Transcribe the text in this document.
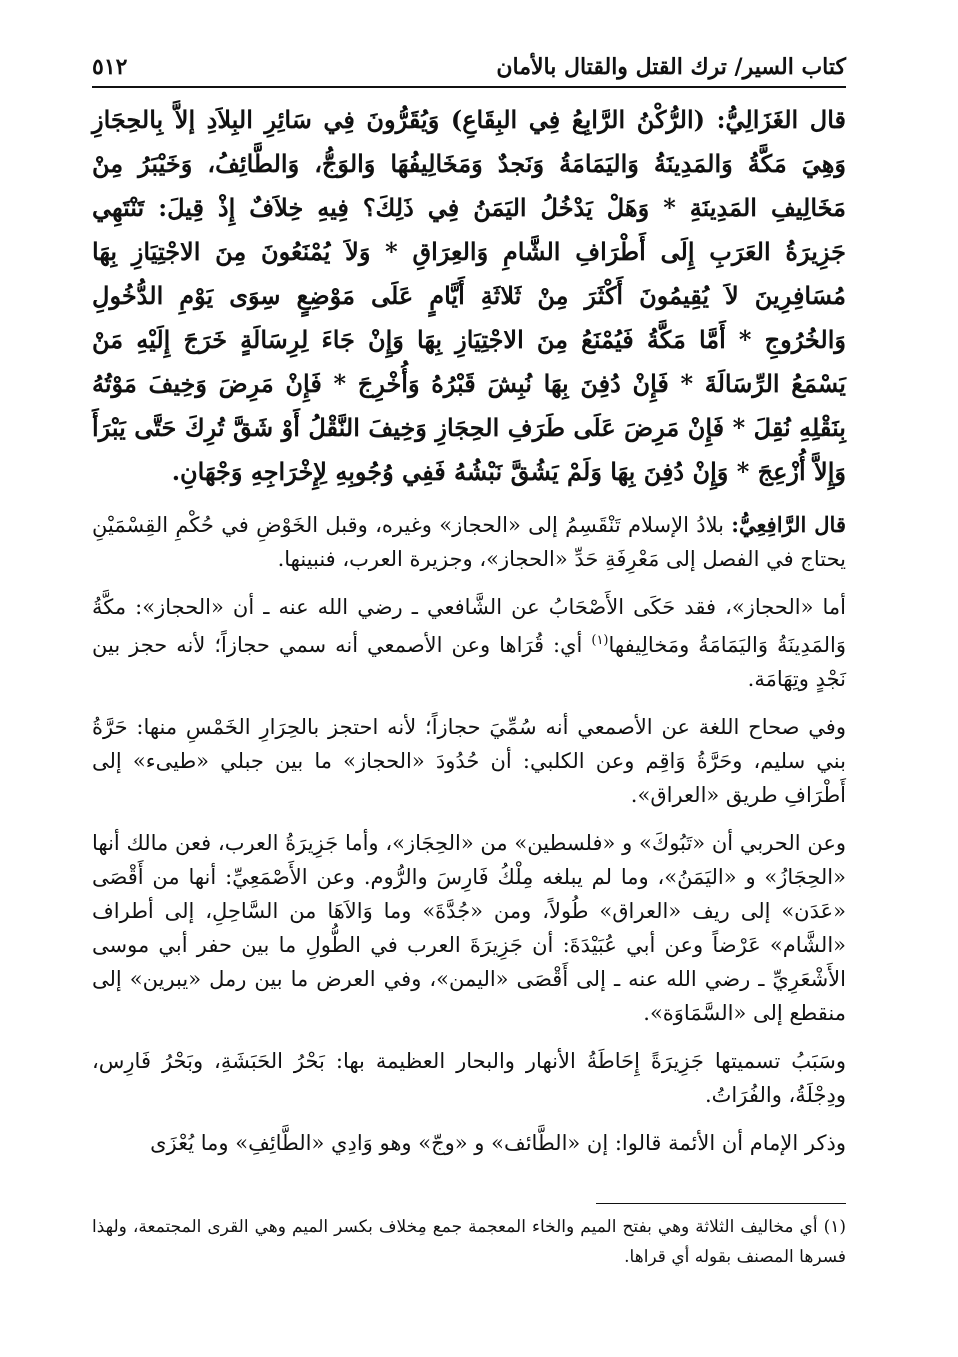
كتاب السير/ ترك القتل والقتال بالأمان
٥١٢

قال الغَزَالِيُّ: (الرُّكْنُ الرَّابِعُ فِي البِقَاعِ) وَيُقَرُّونَ فِي سَائِرِ البِلاَدِ إلاَّ بِالحِجَازِ وَهِيَ مَكَّةُ وَالمَدِينَةُ وَاليَمَامَةُ وَنَجدٌ وَمَخَالِيفُهَا وَالوَجُّ، وَالطَّائِفُ، وَخَيْبَرُ مِنْ مَخَالِيفِ المَدِينَةِ * وَهَلْ يَدْخُلُ اليَمَنُ فِي ذَلِكَ؟ فِيهِ خِلاَفٌ إِذْ قِيلَ: تَنْتَهِي جَزِيرَةُ العَرَبِ إِلَى أَطْرَافِ الشَّامِ وَالعِرَاقِ * وَلاَ يُمْنَعُونَ مِنَ الاجْتِيَازِ بِهَا مُسَافِرِينَ لاَ يُقِيمُونَ أَكْثَرَ مِنْ ثَلاثَةِ أَيَّامٍ عَلَى مَوْضِعٍ سِوَى يَوْمِ الدُّخُولِ وَالخُرُوجِ * أَمَّا مَكَّةُ فَيُمْنَعُ مِنَ الاجْتِيَازِ بِهَا وَإِنْ جَاءَ لِرِسَالَةٍ خَرَجَ إِلَيْهِ مَنْ يَسْمَعُ الرِّسَالَةَ * فَإِنْ دُفِنَ بِهَا نُبِشَ قَبْرُهُ وَأُخْرِجَ * فَإِنْ مَرِضَ وَخِيفَ مَوْتُهُ بِنَقْلِهِ نُقِلَ * فَإِنْ مَرِضَ عَلَى طَرَفِ الحِجَازِ وَخِيفَ النَّقْلُ أَوْ شَقَّ تُرِكَ حَتَّى يَبْرَأَ وَإِلاَّ أُزْعِجَ * وَإِنْ دُفِنَ بِهَا وَلَمْ يَشُقَّ نَبْشُهُ فَفِي وُجُوبِهِ لِإِخْرَاجِهِ وَجْهَانِ.

قال الرَّافِعِيُّ: بلادُ الإسلام تَنْقَسِمُ إلى «الحجاز» وغيره، وقبل الخَوْضِ في حُكْمِ القِسْمَيْنِ يحتاج في الفصل إلى مَعْرِفَةِ حَدِّ «الحجاز»، وجزيرة العرب، فنبينها.

أما «الحجاز»، فقد حَكَى الأَصْحَابُ عن الشَّافعي ـ رضي الله عنه ـ أن «الحجاز»: مكَّةُ وَالمَدِينَةُ وَاليَمَامَةُ ومَخالِيفها$^{(١)}$ أي: قُرَاها وعن الأصمعي أنه سمي حجازاً؛ لأنه حجز بين نَجْدٍ وتِهَامَة.

وفي صحاح اللغة عن الأصمعي أنه سُمِّيَ حجازاً؛ لأنه احتجز بالحِرَارِ الخَمْسِ منها: حَرَّةُ بني سليم، وحَرَّةُ وَاقِم وعن الكلبي: أن حُدُودَ «الحجاز» ما بين جبلي «طيىء» إلى أَطْرَافِ طريق «العراق».

وعن الحربي أن «تَبُوكَ» و «فلسطين» من «الحِجَاز»، وأما جَزِيرَةُ العرب، فعن مالك أنها «الحِجَازُ» و «اليَمَنُ»، وما لم يبلغه مِلْكُ فَارِسَ والرُّوم. وعن الأَصْمَعِيِّ: أنها من أَقْصَى «عَدَن» إلى ريف «العراق» طُولاً، ومن «جُدَّةَ» وما وَالاَهَا من السَّاحِلِ، إلى أطراف «الشَّام» عَرْضاً وعن أبي عُبَيْدَةَ: أن جَزِيرَةَ العرب في الطُّولِ ما بين حفر أبي موسى الأَشْعَرِيِّ ـ رضي الله عنه ـ إلى أَقْصَى «اليمن»، وفي العرض ما بين رمل «يبرين» إلى منقطع إلى «السَّمَاوَة».

وسَبَبُ تسميتها جَزِيرَةً إِحَاطَةُ الأنهار والبحار العظيمة بها: بَحْرُ الحَبَشَةِ، وبَحْرُ فَارِس، ودِجْلَةُ، والفُرَاتُ.

وذكر الإمام أن الأئمة قالوا: إن «الطَّائف» و «وجّ» وهو وَادِي «الطَّائِفِ» وما يُعْزَى

(١) أي مخاليف الثلاثة وهي بفتح الميم والخاء المعجمة جمع مِخلاف بكسر الميم وهي القرى المجتمعة، ولهذا فسرها المصنف بقوله أي قراها.
